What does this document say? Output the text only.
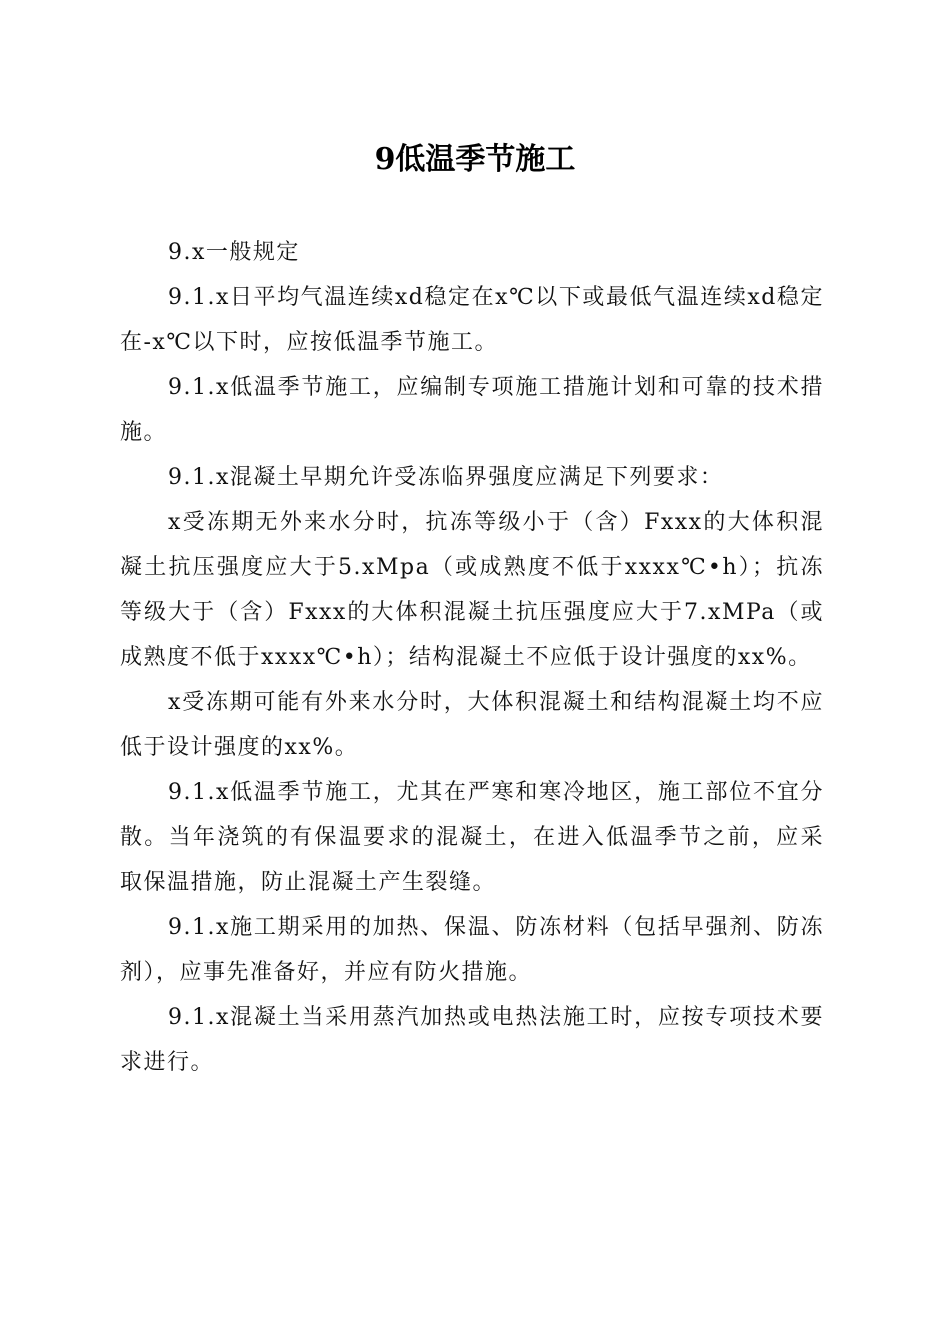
9低温季节施工

9.x一般规定

9.1.x日平均气温连续xd稳定在x℃以下或最低气温连续xd稳定在-x℃以下时，应按低温季节施工。

9.1.x低温季节施工，应编制专项施工措施计划和可靠的技术措施。

9.1.x混凝土早期允许受冻临界强度应满足下列要求：

x受冻期无外来水分时，抗冻等级小于（含）Fxxx的大体积混凝土抗压强度应大于5.xMpa（或成熟度不低于xxxx℃•h）；抗冻等级大于（含）Fxxx的大体积混凝土抗压强度应大于7.xMPa（或成熟度不低于xxxx℃•h）；结构混凝土不应低于设计强度的xx%。

x受冻期可能有外来水分时，大体积混凝土和结构混凝土均不应低于设计强度的xx%。

9.1.x低温季节施工，尤其在严寒和寒冷地区，施工部位不宜分散。当年浇筑的有保温要求的混凝土，在进入低温季节之前，应采取保温措施，防止混凝土产生裂缝。

9.1.x施工期采用的加热、保温、防冻材料（包括早强剂、防冻剂），应事先准备好，并应有防火措施。

9.1.x混凝土当采用蒸汽加热或电热法施工时，应按专项技术要求进行。
